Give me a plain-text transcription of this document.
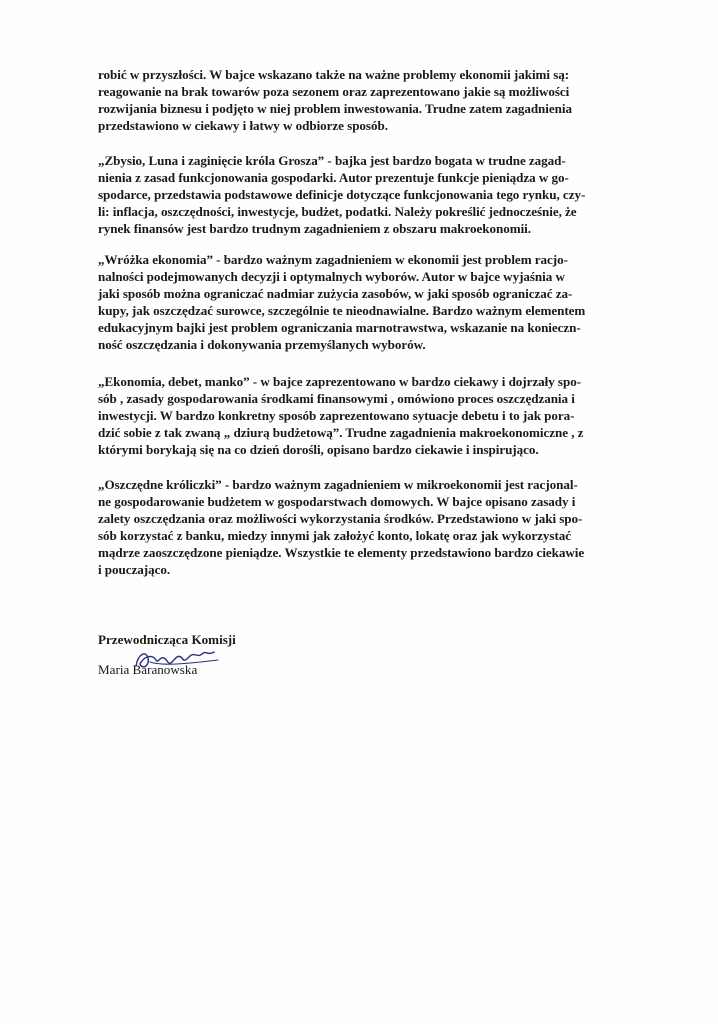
robić w przyszłości. W bajce wskazano także na ważne problemy ekonomii jakimi są:
reagowanie na brak towarów poza sezonem oraz zaprezentowano jakie są możliwości
rozwijania biznesu i podjęto w niej problem inwestowania. Trudne zatem zagadnienia
przedstawiono w ciekawy i łatwy w odbiorze sposób.
„Zbysio, Luna i zaginięcie króla Grosza” - bajka jest bardzo bogata w trudne zagad-
nienia z zasad funkcjonowania gospodarki. Autor prezentuje funkcje pieniądza w go-
spodarce, przedstawia podstawowe definicje dotyczące funkcjonowania tego rynku, czy-
li: inflacja, oszczędności, inwestycje, budżet, podatki. Należy pokreślić jednocześnie, że
rynek finansów jest bardzo trudnym zagadnieniem z obszaru makroekonomii.
„Wróżka ekonomia” - bardzo ważnym zagadnieniem w ekonomii jest problem racjo-
nalności podejmowanych decyzji i optymalnych wyborów. Autor w bajce wyjaśnia w
jaki sposób można ograniczać nadmiar zużycia zasobów, w jaki sposób ograniczać za-
kupy, jak oszczędzać surowce, szczególnie te nieodnawialne. Bardzo ważnym elementem
edukacyjnym bajki jest problem ograniczania marnotrawstwa, wskazanie na konieczn-
ność oszczędzania i dokonywania przemyślanych wyborów.
„Ekonomia, debet, manko” - w bajce zaprezentowano w bardzo ciekawy i dojrzały spo-
sób , zasady gospodarowania środkami finansowymi , omówiono proces oszczędzania i
inwestycji. W bardzo konkretny sposób zaprezentowano sytuacje debetu i to jak pora-
dzić sobie z tak zwaną „ dziurą budżetową”. Trudne zagadnienia makroekonomiczne , z
którymi borykają się na co dzień dorośli, opisano bardzo ciekawie i inspirująco.
„Oszczędne króliczki” - bardzo ważnym zagadnieniem w mikroekonomii jest racjonal-
ne gospodarowanie budżetem w gospodarstwach domowych. W bajce opisano zasady i
zalety oszczędzania oraz możliwości wykorzystania środków. Przedstawiono w jaki spo-
sób korzystać z banku, miedzy innymi jak założyć konto, lokatę oraz jak wykorzystać
mądrze zaoszczędzone pieniądze. Wszystkie te elementy przedstawiono bardzo ciekawie
i pouczająco.
Przewodnicząca Komisji
Maria Baranowska
